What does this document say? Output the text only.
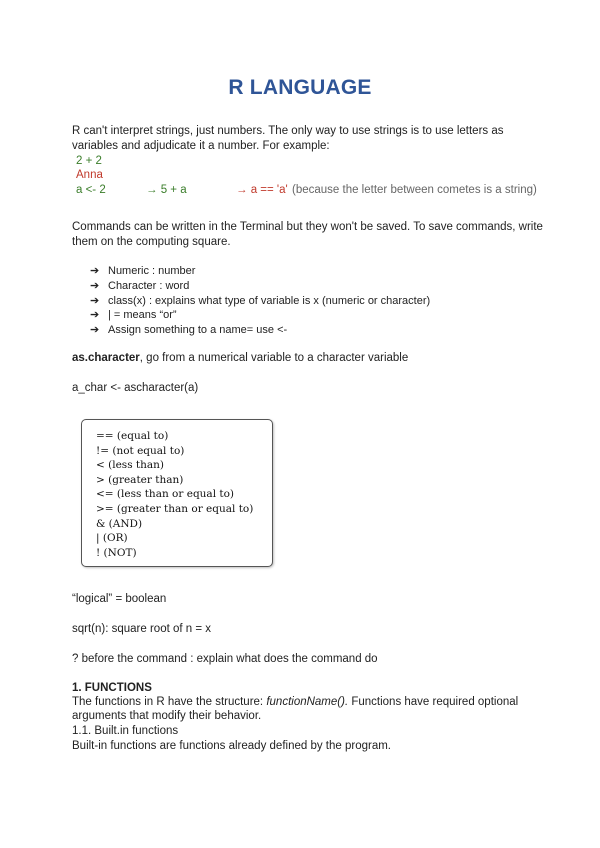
R LANGUAGE
R can't interpret strings, just numbers. The only way to use strings is to use letters as
variables and adjudicate it a number. For example:
2 + 2
Anna
a <- 2	→ 5 + a	→ a == 'a' (because the letter between cometes is a string)
Commands can be written in the Terminal but they won't be saved. To save commands, write
them on the computing square.
➔ Numeric : number
➔ Character : word
➔ class(x) : explains what type of variable is x (numeric or character)
➔ | = means “or”
➔ Assign something to a name= use <-
as.character, go from a numerical variable to a character variable
a_char <- ascharacter(a)
== (equal to)
!= (not equal to)
< (less than)
> (greater than)
<= (less than or equal to)
>= (greater than or equal to)
& (AND)
| (OR)
! (NOT)
“logical” = boolean
sqrt(n): square root of n = x
? before the command : explain what does the command do
1. FUNCTIONS
The functions in R have the structure: functionName(). Functions have required optional
arguments that modify their behavior.
1.1. Built.in functions
Built-in functions are functions already defined by the program.
